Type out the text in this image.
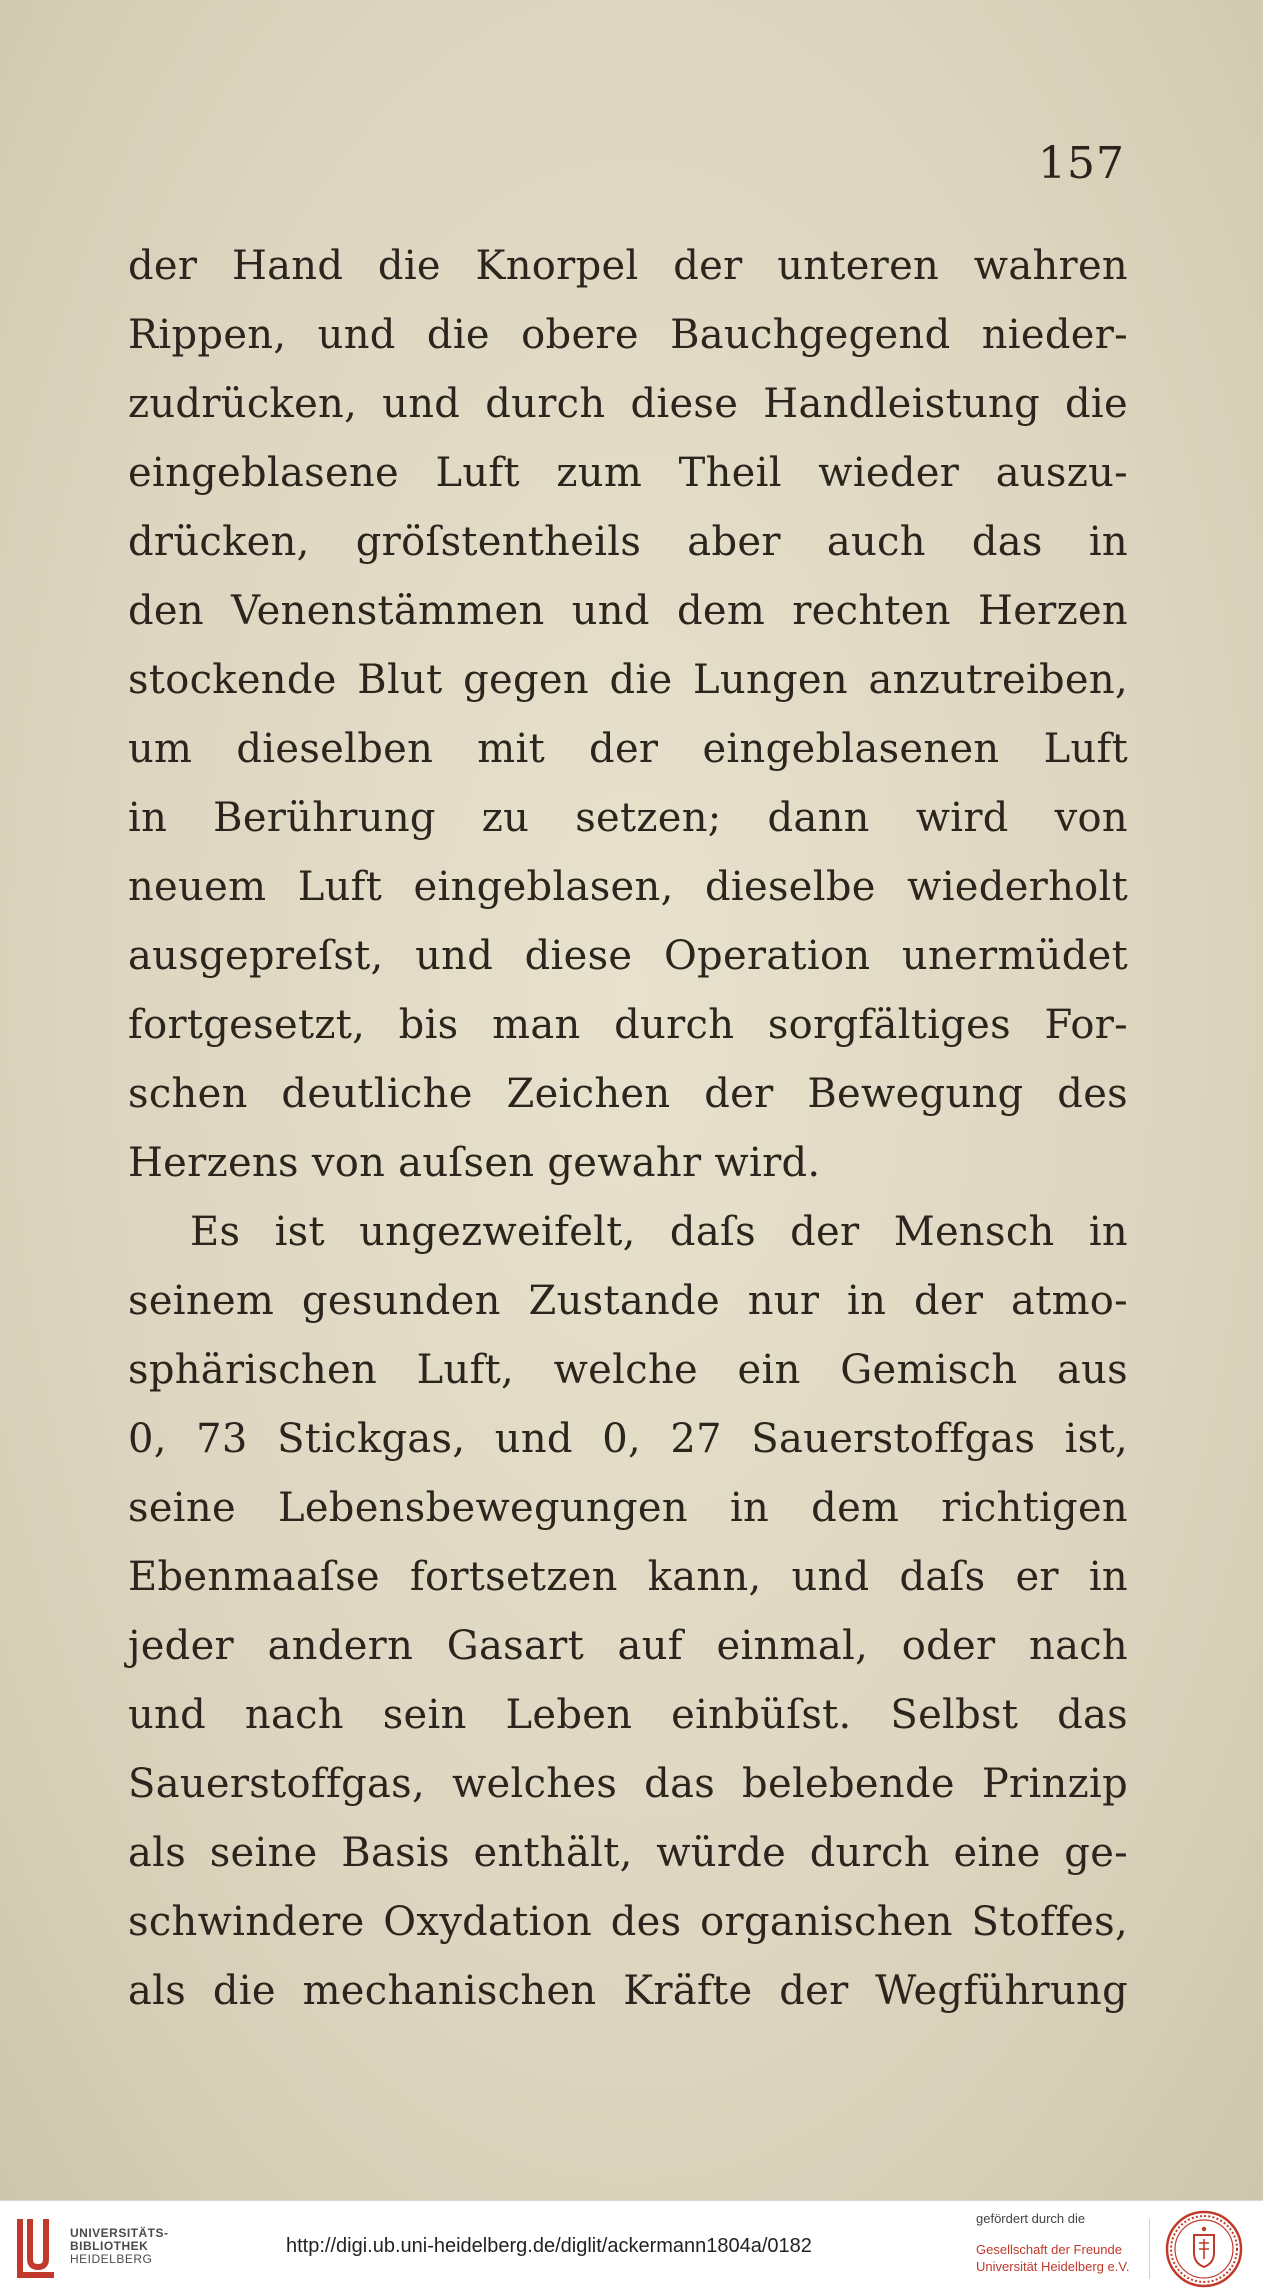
157
der Hand die Knorpel der unteren wahren
Rippen, und die obere Bauchgegend nieder-
zudrücken, und durch diese Handleistung die
eingeblasene Luft zum Theil wieder auszu-
drücken, gröſstentheils aber auch das in
den Venenstämmen und dem rechten Herzen
stockende Blut gegen die Lungen anzutreiben,
um dieselben mit der eingeblasenen Luft
in Berührung zu setzen; dann wird von
neuem Luft eingeblasen, dieselbe wiederholt
ausgepreſst, und diese Operation unermüdet
fortgesetzt, bis man durch sorgfältiges For-
schen deutliche Zeichen der Bewegung des
Herzens von auſsen gewahr wird.
Es ist ungezweifelt, daſs der Mensch in
seinem gesunden Zustande nur in der atmo-
sphärischen Luft, welche ein Gemisch aus
0, 73 Stickgas, und 0, 27 Sauerstoffgas ist,
seine Lebensbewegungen in dem richtigen
Ebenmaaſse fortsetzen kann, und daſs er in
jeder andern Gasart auf einmal, oder nach
und nach sein Leben einbüſst. Selbst das
Sauerstoffgas, welches das belebende Prinzip
als seine Basis enthält, würde durch eine ge-
schwindere Oxydation des organischen Stoffes,
als die mechanischen Kräfte der Wegführung
UNIVERSITÄTS-
BIBLIOTHEK
HEIDELBERG
http://digi.ub.uni-heidelberg.de/diglit/ackermann1804a/0182
gefördert durch die
Gesellschaft der Freunde
Universität Heidelberg e.V.
